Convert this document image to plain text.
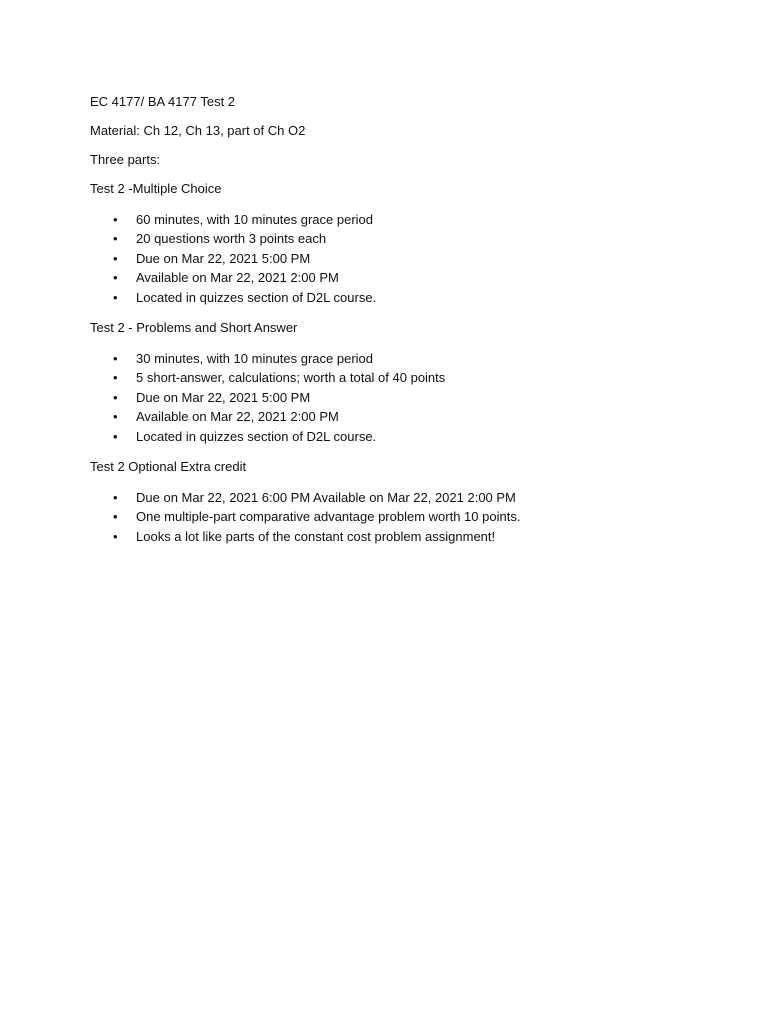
EC 4177/ BA 4177 Test 2

Material: Ch 12, Ch 13, part of Ch O2

Three parts:

Test 2 -Multiple Choice

• 60 minutes, with 10 minutes grace period
• 20 questions worth 3 points each
• Due on Mar 22, 2021 5:00 PM
• Available on Mar 22, 2021 2:00 PM
• Located in quizzes section of D2L course.

Test 2 - Problems and Short Answer

• 30 minutes, with 10 minutes grace period
• 5 short-answer, calculations; worth a total of 40 points
• Due on Mar 22, 2021 5:00 PM
• Available on Mar 22, 2021 2:00 PM
• Located in quizzes section of D2L course.

Test 2 Optional Extra credit

• Due on Mar 22, 2021 6:00 PM Available on Mar 22, 2021 2:00 PM
• One multiple-part comparative advantage problem worth 10 points.
• Looks a lot like parts of the constant cost problem assignment!
